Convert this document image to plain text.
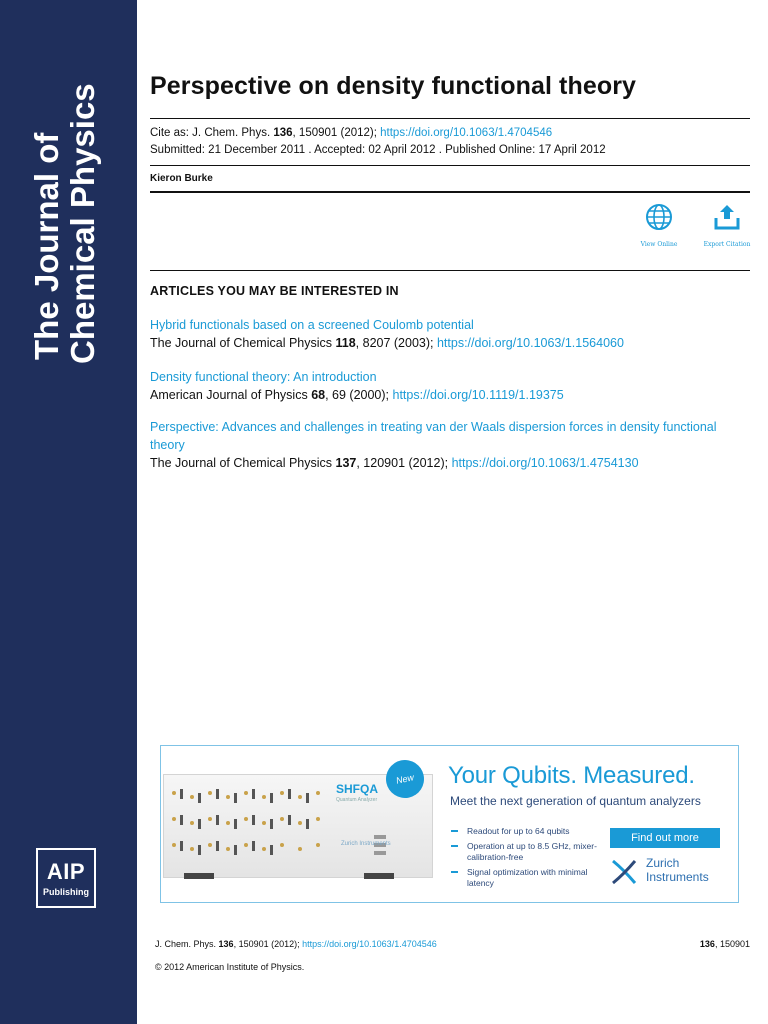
The Journal of Chemical Physics
AIP
Publishing
Perspective on density functional theory
Cite as: J. Chem. Phys. 136, 150901 (2012); https://doi.org/10.1063/1.4704546
Submitted: 21 December 2011 . Accepted: 02 April 2012 . Published Online: 17 April 2012
Kieron Burke
View Online	Export Citation
ARTICLES YOU MAY BE INTERESTED IN
Hybrid functionals based on a screened Coulomb potential
The Journal of Chemical Physics 118, 8207 (2003); https://doi.org/10.1063/1.1564060
Density functional theory: An introduction
American Journal of Physics 68, 69 (2000); https://doi.org/10.1119/1.19375
Perspective: Advances and challenges in treating van der Waals dispersion forces in density functional theory
The Journal of Chemical Physics 137, 120901 (2012); https://doi.org/10.1063/1.4754130
SHFQA
Quantum Analyzer
New
Zurich Instruments
Your Qubits. Measured.
Meet the next generation of quantum analyzers
Readout for up to 64 qubits
Operation at up to 8.5 GHz, mixer-calibration-free
Signal optimization with minimal latency
Find out more
Zurich
Instruments
J. Chem. Phys. 136, 150901 (2012); https://doi.org/10.1063/1.4704546	136, 150901
© 2012 American Institute of Physics.
